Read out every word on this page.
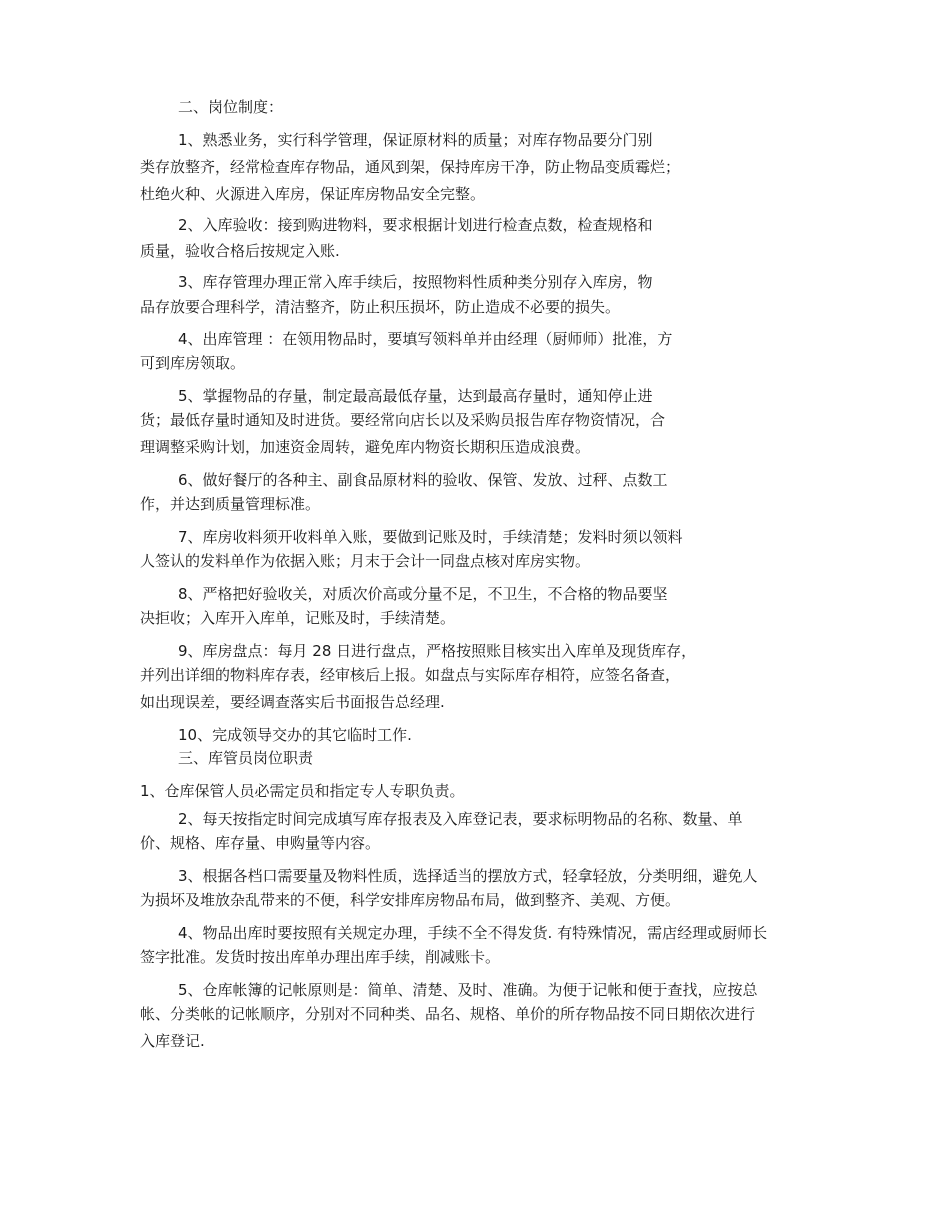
二、岗位制度：
1、熟悉业务，实行科学管理，保证原材料的质量；对库存物品要分门别
类存放整齐，经常检查库存物品，通风到架，保持库房干净，防止物品变质霉烂；
杜绝火种、火源进入库房，保证库房物品安全完整。
2、入库验收：接到购进物料，要求根据计划进行检查点数，检查规格和
质量，验收合格后按规定入账.
3、库存管理办理正常入库手续后，按照物料性质种类分别存入库房，物
品存放要合理科学，清洁整齐，防止积压损坏，防止造成不必要的损失。
4、出库管理 ：在领用物品时，要填写领料单并由经理（厨师师）批准，方
可到库房领取。
5、掌握物品的存量，制定最高最低存量，达到最高存量时，通知停止进
货；最低存量时通知及时进货。要经常向店长以及采购员报告库存物资情况，合
理调整采购计划，加速资金周转，避免库内物资长期积压造成浪费。
6、做好餐厅的各种主、副食品原材料的验收、保管、发放、过秤、点数工
作，并达到质量管理标准。
7、库房收料须开收料单入账，要做到记账及时，手续清楚；发料时须以领料
人签认的发料单作为依据入账；月末于会计一同盘点核对库房实物。
8、严格把好验收关，对质次价高或分量不足，不卫生，不合格的物品要坚
决拒收；入库开入库单，记账及时，手续清楚。
9、库房盘点：每月 28 日进行盘点，严格按照账目核实出入库单及现货库存，
并列出详细的物料库存表，经审核后上报。如盘点与实际库存相符，应签名备查，
如出现误差，要经调查落实后书面报告总经理.
10、完成领导交办的其它临时工作.
三、库管员岗位职责
1、仓库保管人员必需定员和指定专人专职负责。
2、每天按指定时间完成填写库存报表及入库登记表，要求标明物品的名称、数量、单
价、规格、库存量、申购量等内容。
3、根据各档口需要量及物料性质，选择适当的摆放方式，轻拿轻放，分类明细，避免人
为损坏及堆放杂乱带来的不便，科学安排库房物品布局，做到整齐、美观、方便。
4、物品出库时要按照有关规定办理，手续不全不得发货. 有特殊情况，需店经理或厨师长
签字批准。发货时按出库单办理出库手续，削减账卡。
5、仓库帐簿的记帐原则是：简单、清楚、及时、准确。为便于记帐和便于查找，应按总
帐、分类帐的记帐顺序，分别对不同种类、品名、规格、单价的所存物品按不同日期依次进行
入库登记.
